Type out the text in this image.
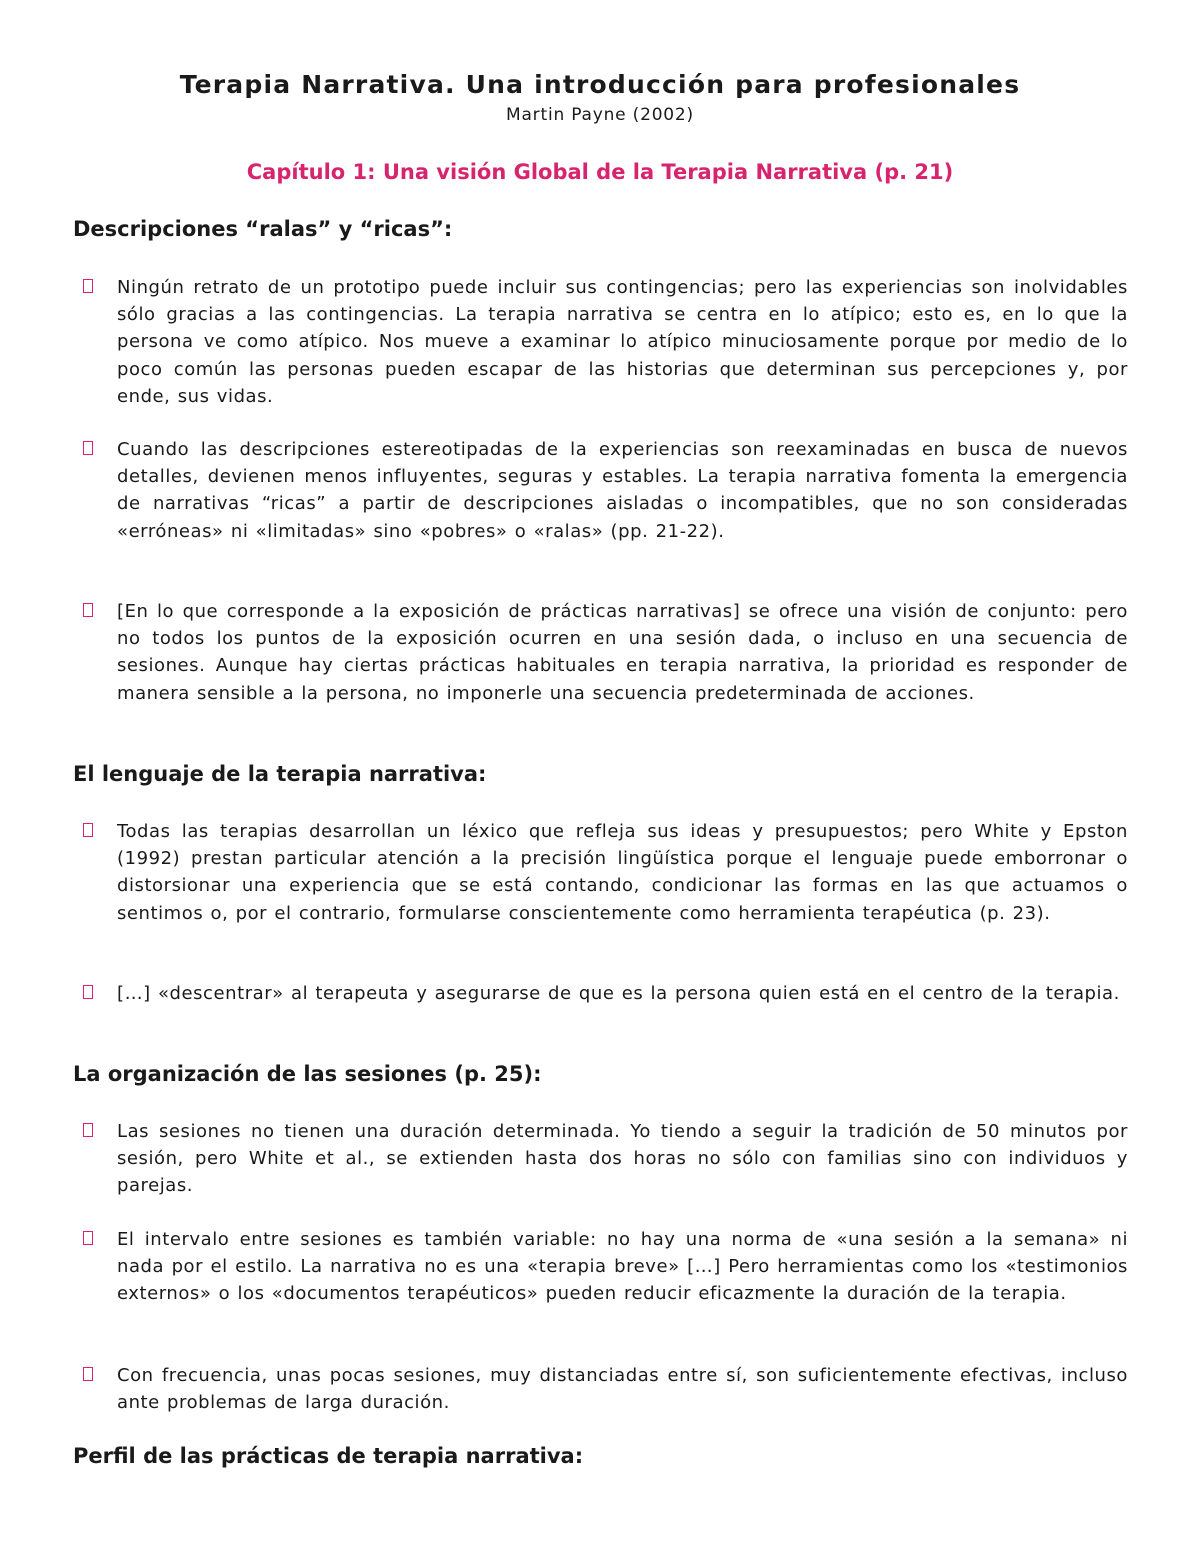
Terapia Narrativa. Una introducción para profesionales

Martin Payne (2002)

Capítulo 1: Una visión Global de la Terapia Narrativa (p. 21)
Descripciones “ralas” y “ricas”:

Ningún retrato de un prototipo puede incluir sus contingencias; pero las experiencias son inolvidables sólo gracias a las contingencias. La terapia narrativa se centra en lo atípico; esto es, en lo que la persona ve como atípico. Nos mueve a examinar lo atípico minuciosamente porque por medio de lo poco común las personas pueden escapar de las historias que determinan sus percepciones y, por ende, sus vidas.

Cuando las descripciones estereotipadas de la experiencias son reexaminadas en busca de nuevos detalles, devienen menos influyentes, seguras y estables. La terapia narrativa fomenta la emergencia de narrativas “ricas” a partir de descripciones aisladas o incompatibles, que no son consideradas «erróneas» ni «limitadas» sino «pobres» o «ralas» (pp. 21-22).

[En lo que corresponde a la exposición de prácticas narrativas] se ofrece una visión de conjunto: pero no todos los puntos de la exposición ocurren en una sesión dada, o incluso en una secuencia de sesiones. Aunque hay ciertas prácticas habituales en terapia narrativa, la prioridad es responder de manera sensible a la persona, no imponerle una secuencia predeterminada de acciones.

El lenguaje de la terapia narrativa:

Todas las terapias desarrollan un léxico que refleja sus ideas y presupuestos; pero White y Epston (1992) prestan particular atención a la precisión lingüística porque el lenguaje puede emborronar o distorsionar una experiencia que se está contando, condicionar las formas en las que actuamos o sentimos o, por el contrario, formularse conscientemente como herramienta terapéutica (p. 23).

[…] «descentrar» al terapeuta y asegurarse de que es la persona quien está en el centro de la terapia.

La organización de las sesiones (p. 25):

Las sesiones no tienen una duración determinada. Yo tiendo a seguir la tradición de 50 minutos por sesión, pero White et al., se extienden hasta dos horas no sólo con familias sino con individuos y parejas.

El intervalo entre sesiones es también variable: no hay una norma de «una sesión a la semana» ni nada por el estilo. La narrativa no es una «terapia breve» […] Pero herramientas como los «testimonios externos» o los «documentos terapéuticos» pueden reducir eficazmente la duración de la terapia.

Con frecuencia, unas pocas sesiones, muy distanciadas entre sí, son suficientemente efectivas, incluso ante problemas de larga duración.

Perfil de las prácticas de terapia narrativa:
